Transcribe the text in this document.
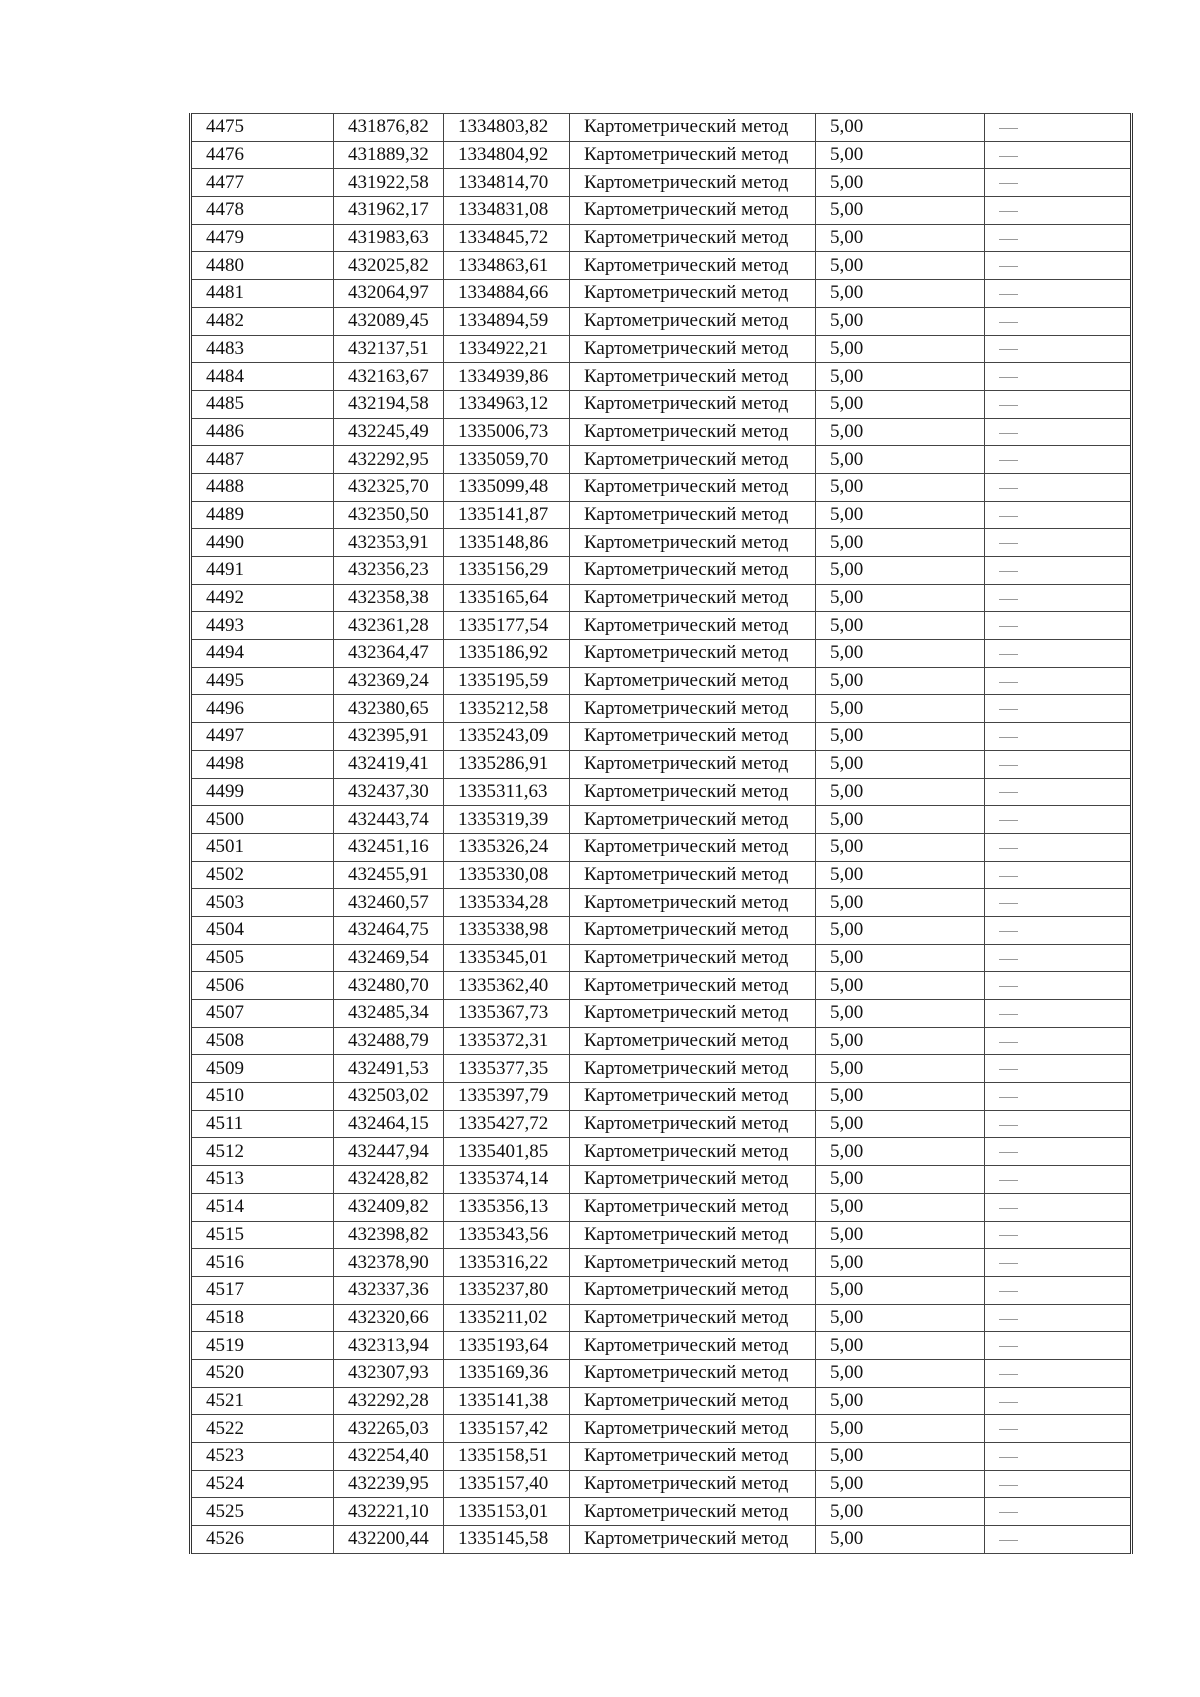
4475	431876,82	1334803,82	Картометрический метод	5,00	

4476	431889,32	1334804,92	Картометрический метод	5,00	

4477	431922,58	1334814,70	Картометрический метод	5,00	

4478	431962,17	1334831,08	Картометрический метод	5,00	

4479	431983,63	1334845,72	Картометрический метод	5,00	

4480	432025,82	1334863,61	Картометрический метод	5,00	

4481	432064,97	1334884,66	Картометрический метод	5,00	

4482	432089,45	1334894,59	Картометрический метод	5,00	

4483	432137,51	1334922,21	Картометрический метод	5,00	

4484	432163,67	1334939,86	Картометрический метод	5,00	

4485	432194,58	1334963,12	Картометрический метод	5,00	

4486	432245,49	1335006,73	Картометрический метод	5,00	

4487	432292,95	1335059,70	Картометрический метод	5,00	

4488	432325,70	1335099,48	Картометрический метод	5,00	

4489	432350,50	1335141,87	Картометрический метод	5,00	

4490	432353,91	1335148,86	Картометрический метод	5,00	

4491	432356,23	1335156,29	Картометрический метод	5,00	

4492	432358,38	1335165,64	Картометрический метод	5,00	

4493	432361,28	1335177,54	Картометрический метод	5,00	

4494	432364,47	1335186,92	Картометрический метод	5,00	

4495	432369,24	1335195,59	Картометрический метод	5,00	

4496	432380,65	1335212,58	Картометрический метод	5,00	

4497	432395,91	1335243,09	Картометрический метод	5,00	

4498	432419,41	1335286,91	Картометрический метод	5,00	

4499	432437,30	1335311,63	Картометрический метод	5,00	

4500	432443,74	1335319,39	Картометрический метод	5,00	

4501	432451,16	1335326,24	Картометрический метод	5,00	

4502	432455,91	1335330,08	Картометрический метод	5,00	

4503	432460,57	1335334,28	Картометрический метод	5,00	

4504	432464,75	1335338,98	Картометрический метод	5,00	

4505	432469,54	1335345,01	Картометрический метод	5,00	

4506	432480,70	1335362,40	Картометрический метод	5,00	

4507	432485,34	1335367,73	Картометрический метод	5,00	

4508	432488,79	1335372,31	Картометрический метод	5,00	

4509	432491,53	1335377,35	Картометрический метод	5,00	

4510	432503,02	1335397,79	Картометрический метод	5,00	

4511	432464,15	1335427,72	Картометрический метод	5,00	

4512	432447,94	1335401,85	Картометрический метод	5,00	

4513	432428,82	1335374,14	Картометрический метод	5,00	

4514	432409,82	1335356,13	Картометрический метод	5,00	

4515	432398,82	1335343,56	Картометрический метод	5,00	

4516	432378,90	1335316,22	Картометрический метод	5,00	

4517	432337,36	1335237,80	Картометрический метод	5,00	

4518	432320,66	1335211,02	Картометрический метод	5,00	

4519	432313,94	1335193,64	Картометрический метод	5,00	

4520	432307,93	1335169,36	Картометрический метод	5,00	

4521	432292,28	1335141,38	Картометрический метод	5,00	

4522	432265,03	1335157,42	Картометрический метод	5,00	

4523	432254,40	1335158,51	Картометрический метод	5,00	

4524	432239,95	1335157,40	Картометрический метод	5,00	

4525	432221,10	1335153,01	Картометрический метод	5,00	

4526	432200,44	1335145,58	Картометрический метод	5,00	
